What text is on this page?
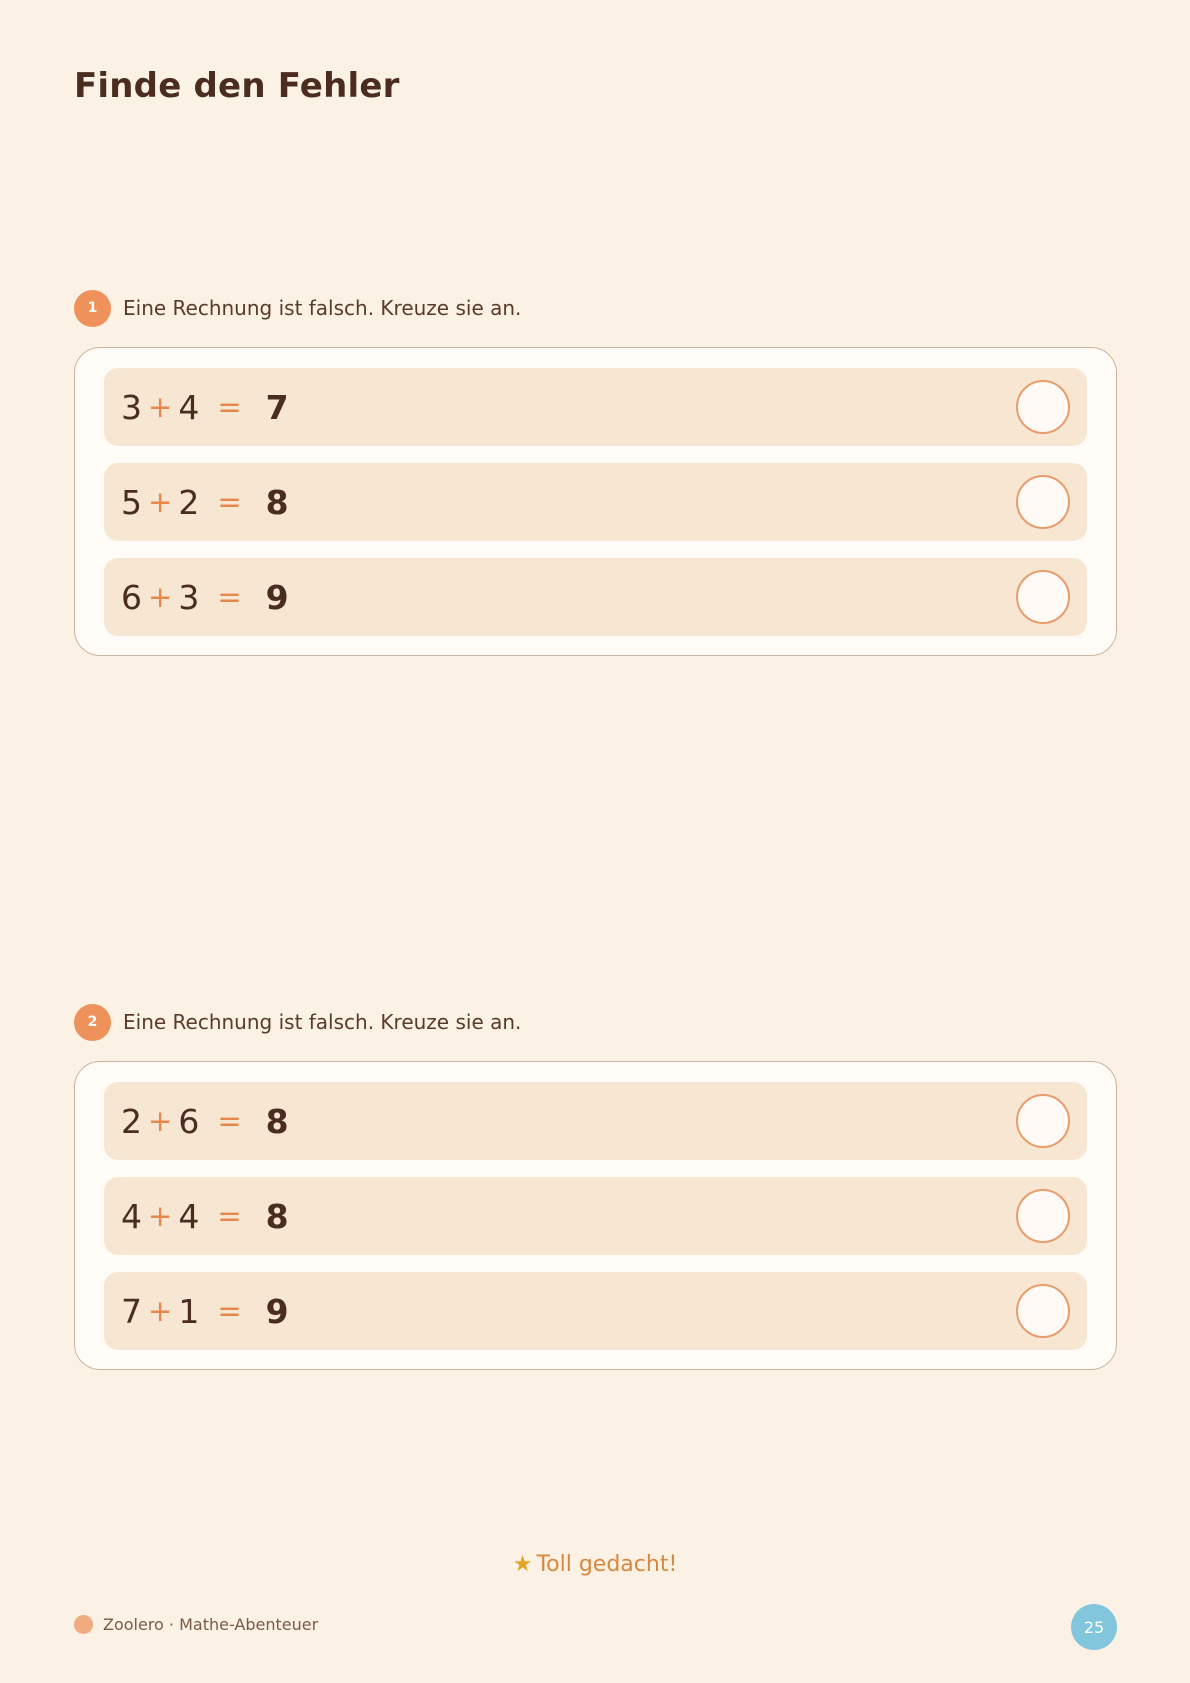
Finde den Fehler
1	Eine Rechnung ist falsch. Kreuze sie an.
3 + 4 = 7
5 + 2 = 8
6 + 3 = 9
2	Eine Rechnung ist falsch. Kreuze sie an.
2 + 6 = 8
4 + 4 = 8
7 + 1 = 9
★ Toll gedacht!
Zoolero · Mathe-Abenteuer	25
